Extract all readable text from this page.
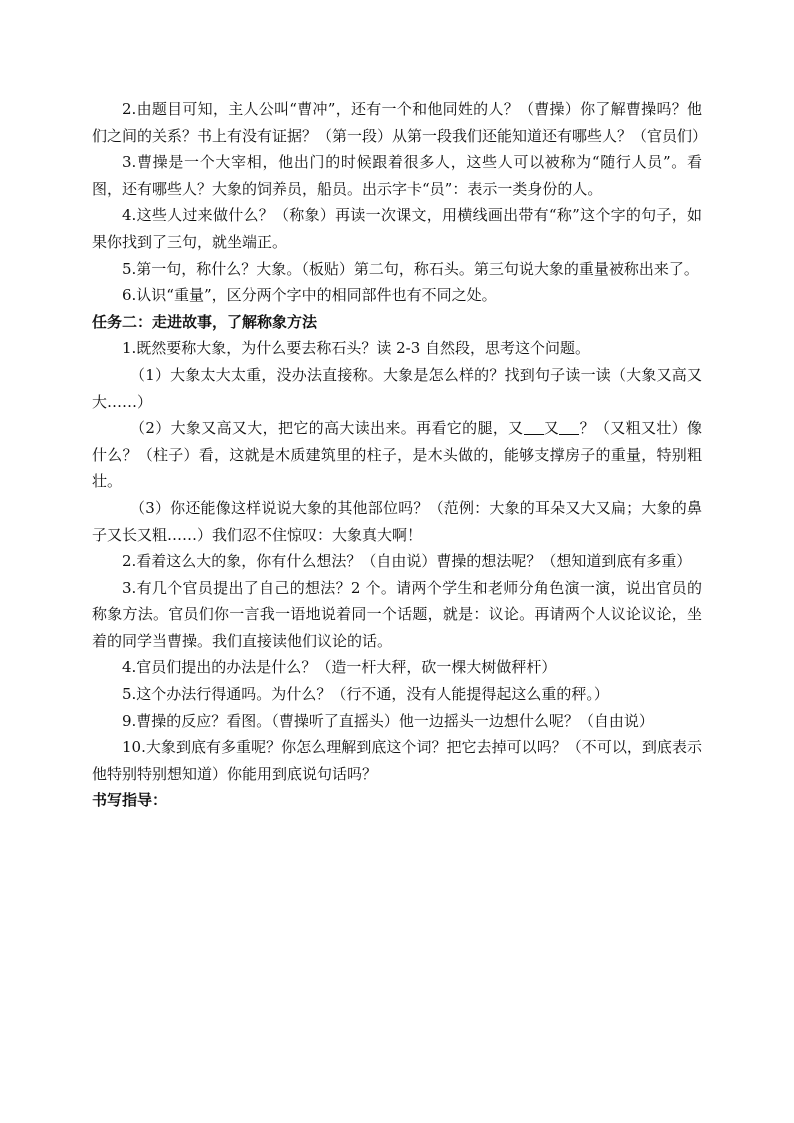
2.由题目可知，主人公叫“曹冲”，还有一个和他同姓的人？（曹操）你了解曹操吗？他们之间的关系？书上有没有证据？（第一段）从第一段我们还能知道还有哪些人？（官员们）

3.曹操是一个大宰相，他出门的时候跟着很多人，这些人可以被称为“随行人员”。看图，还有哪些人？大象的饲养员，船员。出示字卡“员”：表示一类身份的人。

4.这些人过来做什么？（称象）再读一次课文，用横线画出带有“称”这个字的句子，如果你找到了三句，就坐端正。

5.第一句，称什么？大象。（板贴）第二句，称石头。第三句说大象的重量被称出来了。

6.认识“重量”，区分两个字中的相同部件也有不同之处。

任务二：走进故事，了解称象方法

1.既然要称大象，为什么要去称石头？读 2-3 自然段，思考这个问题。

（1）大象太大太重，没办法直接称。大象是怎么样的？找到句子读一读（大象又高又大……）

（2）大象又高又大，把它的高大读出来。再看它的腿，又 又 ？（又粗又壮）像什么？（柱子）看，这就是木质建筑里的柱子，是木头做的，能够支撑房子的重量，特别粗壮。

（3）你还能像这样说说大象的其他部位吗？（范例：大象的耳朵又大又扁；大象的鼻子又长又粗……）我们忍不住惊叹：大象真大啊！

2.看着这么大的象，你有什么想法？（自由说）曹操的想法呢？（想知道到底有多重）

3.有几个官员提出了自己的想法？2 个。请两个学生和老师分角色演一演，说出官员的称象方法。官员们你一言我一语地说着同一个话题，就是：议论。再请两个人议论议论，坐着的同学当曹操。我们直接读他们议论的话。

4.官员们提出的办法是什么？（造一杆大秤，砍一棵大树做秤杆）

5.这个办法行得通吗。为什么？（行不通，没有人能提得起这么重的秤。）

9.曹操的反应？看图。（曹操听了直摇头）他一边摇头一边想什么呢？（自由说）

10.大象到底有多重呢？你怎么理解到底这个词？把它去掉可以吗？（不可以，到底表示他特别特别想知道）你能用到底说句话吗？

书写指导：
